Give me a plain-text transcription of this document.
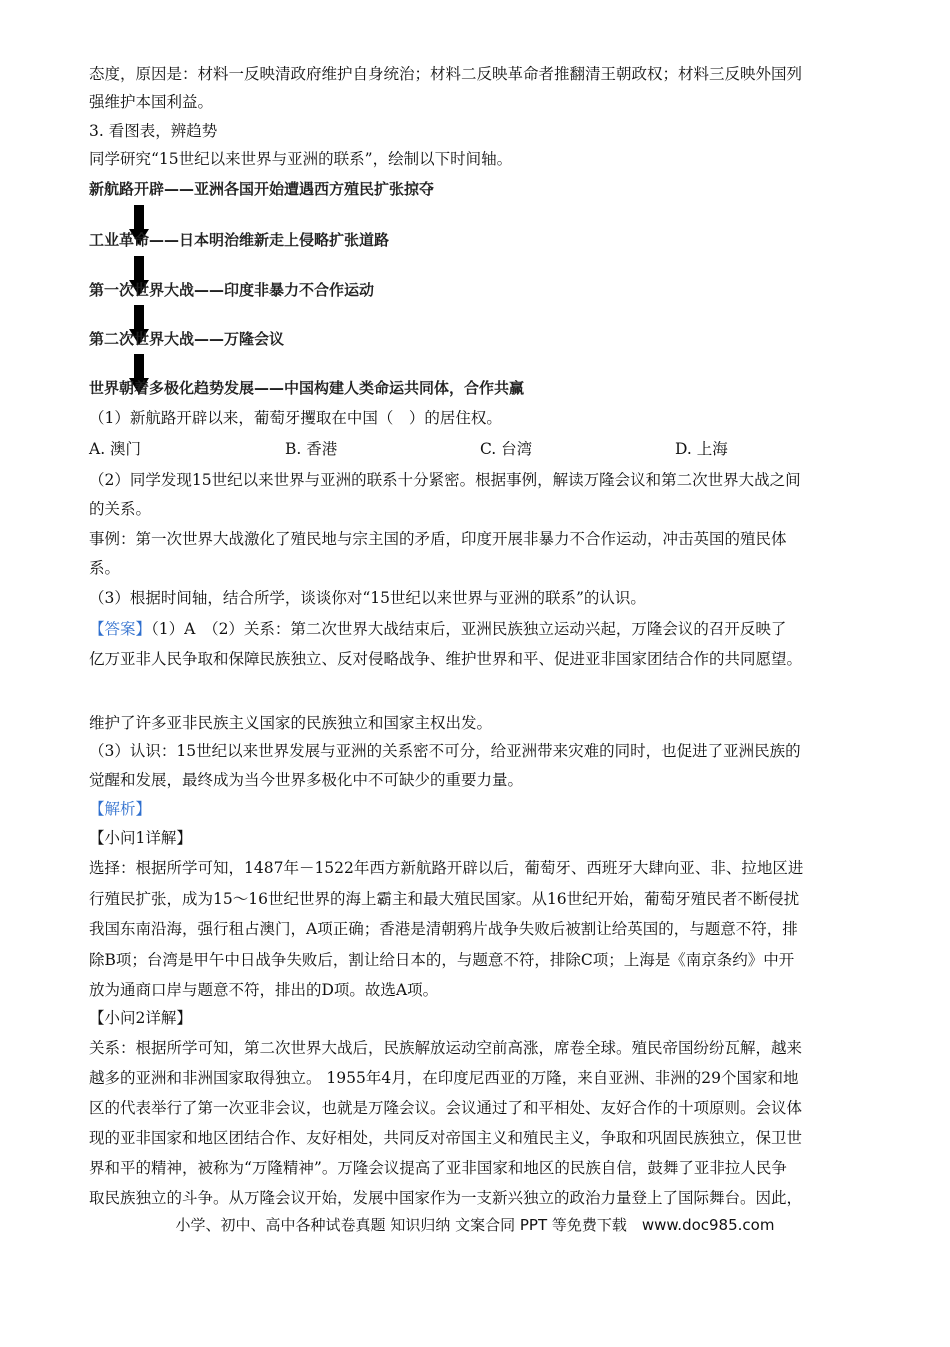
态度，原因是：材料一反映清政府维护自身统治；材料二反映革命者推翻清王朝政权；材料三反映外国列
强维护本国利益。
3. 看图表，辨趋势
同学研究“15世纪以来世界与亚洲的联系”，绘制以下时间轴。
新航路开辟——亚洲各国开始遭遇西方殖民扩张掠夺
工业革命——日本明治维新走上侵略扩张道路
第一次世界大战——印度非暴力不合作运动
第二次世界大战——万隆会议
世界朝着多极化趋势发展——中国构建人类命运共同体，合作共赢
（1）新航路开辟以来，葡萄牙攫取在中国（　）的居住权。
A. 澳门	B. 香港	C. 台湾	D. 上海
（2）同学发现15世纪以来世界与亚洲的联系十分紧密。根据事例，解读万隆会议和第二次世界大战之间
的关系。
事例：第一次世界大战激化了殖民地与宗主国的矛盾，印度开展非暴力不合作运动，冲击英国的殖民体
系。
（3）根据时间轴，结合所学，谈谈你对“15世纪以来世界与亚洲的联系”的认识。
【答案】（1）A　（2）关系：第二次世界大战结束后，亚洲民族独立运动兴起，万隆会议的召开反映了
亿万亚非人民争取和保障民族独立、反对侵略战争、维护世界和平、促进亚非国家团结合作的共同愿望。
维护了许多亚非民族主义国家的民族独立和国家主权出发。
（3）认识：15世纪以来世界发展与亚洲的关系密不可分，给亚洲带来灾难的同时，也促进了亚洲民族的
觉醒和发展，最终成为当今世界多极化中不可缺少的重要力量。
【解析】
【小问1详解】
选择：根据所学可知，1487年－1522年西方新航路开辟以后，葡萄牙、西班牙大肆向亚、非、拉地区进
行殖民扩张，成为15～16世纪世界的海上霸主和最大殖民国家。从16世纪开始，葡萄牙殖民者不断侵扰
我国东南沿海，强行租占澳门，A项正确；香港是清朝鸦片战争失败后被割让给英国的，与题意不符，排
除B项；台湾是甲午中日战争失败后，割让给日本的，与题意不符，排除C项；上海是《南京条约》中开
放为通商口岸与题意不符，排出的D项。故选A项。
【小问2详解】
关系：根据所学可知，第二次世界大战后，民族解放运动空前高涨，席卷全球。殖民帝国纷纷瓦解，越来
越多的亚洲和非洲国家取得独立。 1955年4月，在印度尼西亚的万隆，来自亚洲、非洲的29个国家和地
区的代表举行了第一次亚非会议，也就是万隆会议。会议通过了和平相处、友好合作的十项原则。会议体
现的亚非国家和地区团结合作、友好相处，共同反对帝国主义和殖民主义，争取和巩固民族独立，保卫世
界和平的精神，被称为“万隆精神”。万隆会议提高了亚非国家和地区的民族自信，鼓舞了亚非拉人民争
取民族独立的斗争。从万隆会议开始，发展中国家作为一支新兴独立的政治力量登上了国际舞台。因此，
小学、初中、高中各种试卷真题 知识归纳 文案合同 PPT 等免费下载　www.doc985.com
